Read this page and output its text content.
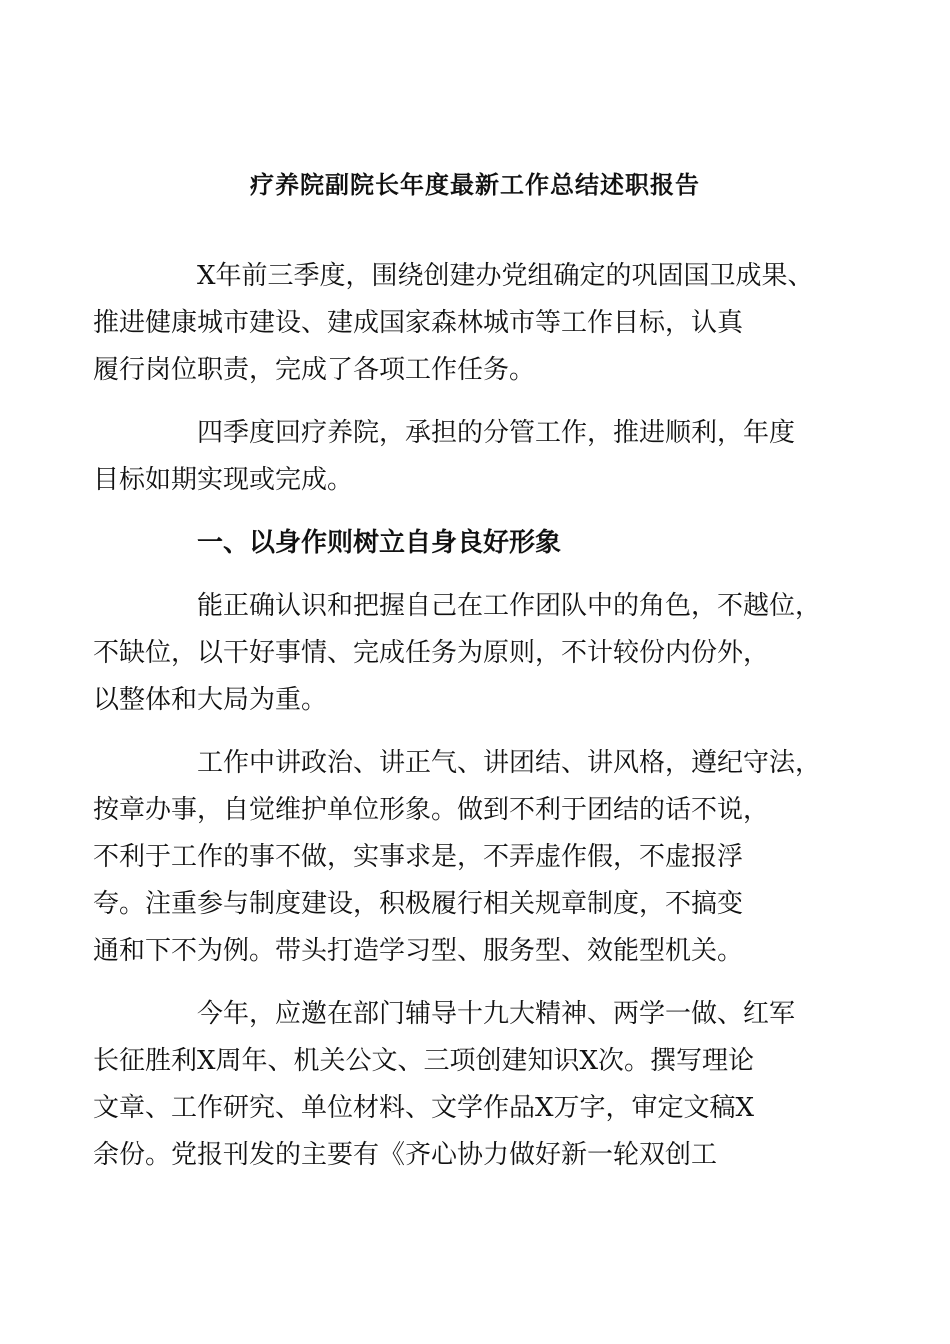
疗养院副院长年度最新工作总结述职报告

X年前三季度，围绕创建办党组确定的巩固国卫成果、
推进健康城市建设、建成国家森林城市等工作目标，认真
履行岗位职责，完成了各项工作任务。

四季度回疗养院，承担的分管工作，推进顺利，年度
目标如期实现或完成。

一、以身作则树立自身良好形象

能正确认识和把握自己在工作团队中的角色，不越位，
不缺位，以干好事情、完成任务为原则，不计较份内份外，
以整体和大局为重。

工作中讲政治、讲正气、讲团结、讲风格，遵纪守法，
按章办事，自觉维护单位形象。做到不利于团结的话不说，
不利于工作的事不做，实事求是，不弄虚作假，不虚报浮
夸。注重参与制度建设，积极履行相关规章制度，不搞变
通和下不为例。带头打造学习型、服务型、效能型机关。

今年，应邀在部门辅导十九大精神、两学一做、红军
长征胜利X周年、机关公文、三项创建知识X次。撰写理论
文章、工作研究、单位材料、文学作品X万字，审定文稿X
余份。党报刊发的主要有《齐心协力做好新一轮双创工
